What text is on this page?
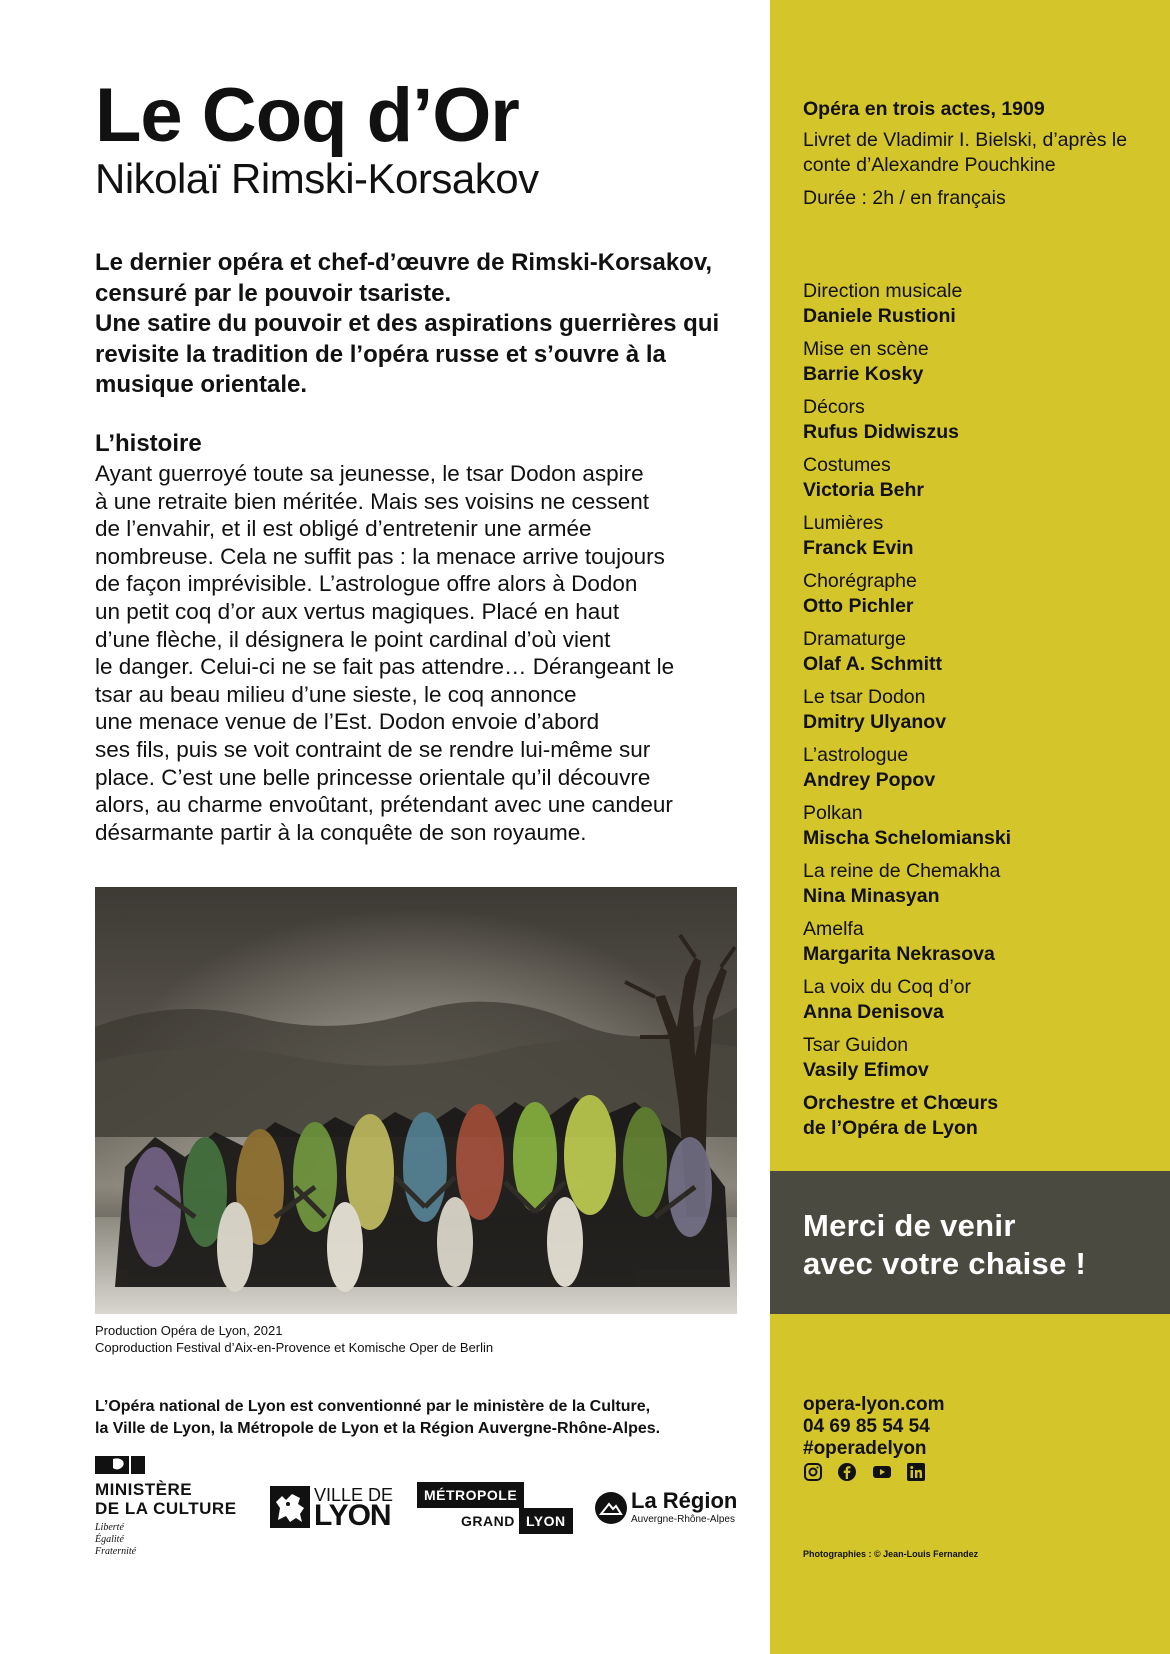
Le Coq d’Or
Nikolaï Rimski-Korsakov

Le dernier opéra et chef-d’œuvre de Rimski-Korsakov, censuré par le pouvoir tsariste.

Une satire du pouvoir et des aspirations guerrières qui revisite la tradition de l’opéra russe et s’ouvre à la musique orientale.

L’histoire
Ayant guerroyé toute sa jeunesse, le tsar Dodon aspire
à une retraite bien méritée. Mais ses voisins ne cessent
de l’envahir, et il est obligé d’entretenir une armée
nombreuse. Cela ne suffit pas : la menace arrive toujours
de façon imprévisible. L’astrologue offre alors à Dodon
un petit coq d’or aux vertus magiques. Placé en haut
d’une flèche, il désignera le point cardinal d’où vient
le danger. Celui-ci ne se fait pas attendre… Dérangeant le
tsar au beau milieu d’une sieste, le coq annonce
une menace venue de l’Est. Dodon envoie d’abord
ses fils, puis se voit contraint de se rendre lui-même sur
place. C’est une belle princesse orientale qu’il découvre
alors, au charme envoûtant, prétendant avec une candeur
désarmante partir à la conquête de son royaume.
Production Opéra de Lyon, 2021
Coproduction Festival d’Aix-en-Provence et Komische Oper de Berlin
L’Opéra national de Lyon est conventionné par le ministère de la Culture,
la Ville de Lyon, la Métropole de Lyon et la Région Auvergne-Rhône-Alpes.
MINISTÈRE
DE LA CULTURE
Liberté
Égalité
Fraternité
VILLE DE
LYON
MÉTROPOLE
GRAND LYON
La Région
Auvergne-Rhône-Alpes

Opéra en trois actes, 1909

Livret de Vladimir I. Bielski, d’après le conte d’Alexandre Pouchkine

Durée : 2h / en français

Direction musicale
Daniele Rustioni
Mise en scène
Barrie Kosky
Décors
Rufus Didwiszus
Costumes
Victoria Behr
Lumières
Franck Evin
Chorégraphe
Otto Pichler
Dramaturge
Olaf A. Schmitt
Le tsar Dodon
Dmitry Ulyanov
L’astrologue
Andrey Popov
Polkan
Mischa Schelomianski
La reine de Chemakha
Nina Minasyan
Amelfa
Margarita Nekrasova
La voix du Coq d’or
Anna Denisova
Tsar Guidon
Vasily Efimov
Orchestre et Chœurs
de l’Opéra de Lyon
Merci de venir
avec votre chaise !
opera-lyon.com
04 69 85 54 54
#operadelyon

Photographies : © Jean-Louis Fernandez
